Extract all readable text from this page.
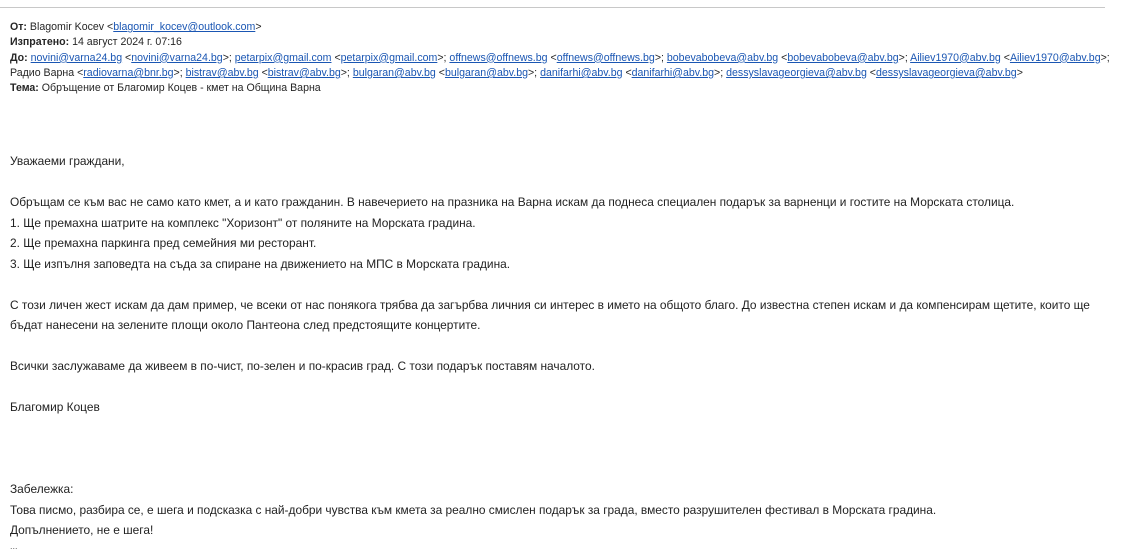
От: Blagomir Kocev <blagomir_kocev@outlook.com>
Изпратено: 14 август 2024 г. 07:16
До: novini@varna24.bg <novini@varna24.bg>; petarpix@gmail.com <petarpix@gmail.com>; offnews@offnews.bg <offnews@offnews.bg>; bobevabobeva@abv.bg <bobevabobeva@abv.bg>; Ailiev1970@abv.bg <Ailiev1970@abv.bg>; Радио Варна <radiovarna@bnr.bg>; bistrav@abv.bg <bistrav@abv.bg>; bulgaran@abv.bg <bulgaran@abv.bg>; danifarhi@abv.bg <danifarhi@abv.bg>; dessyslavageorgieva@abv.bg <dessyslavageorgieva@abv.bg>
Тема: Обръщение от Благомир Коцев - кмет на Община Варна

Уважаеми граждани,

Обръщам се към вас не само като кмет, а и като гражданин. В навечерието на празника на Варна искам да поднеса специален подарък за варненци и гостите на Морската столица.

1. Ще премахна шатрите на комплекс "Хоризонт" от поляните на Морската градина.

2. Ще премахна паркинга пред семейния ми ресторант.

3. Ще изпълня заповедта на съда за спиране на движението на МПС в Морската градина.

С този личен жест искам да дам пример, че всеки от нас понякога трябва да загърбва личния си интерес в името на общото благо. До известна степен искам и да компенсирам щетите, които ще

бъдат нанесени на зелените площи около Пантеона след предстоящите концертите.

Всички заслужаваме да живеем в по-чист, по-зелен и по-красив град. С този подарък поставям началото.

Благомир Коцев

Забележка:

Това писмо, разбира се, е шега и подсказка с най-добри чувства към кмета за реално смислен подарък за града, вместо разрушителен фестивал в Морската градина.

Допълнението, не е шега!

...
